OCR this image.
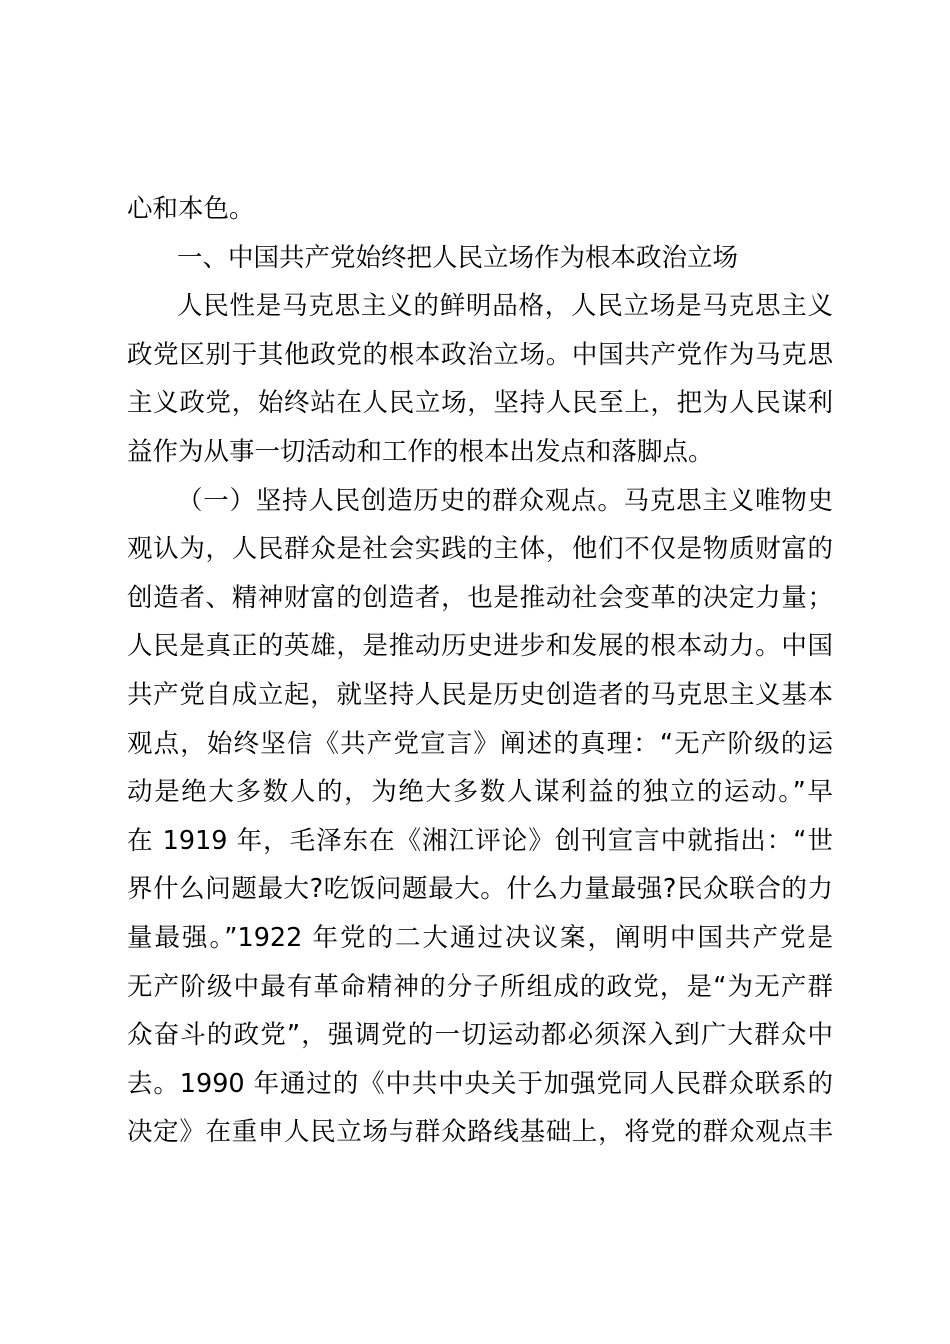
心和本色。
一、中国共产党始终把人民立场作为根本政治立场
人民性是马克思主义的鲜明品格，人民立场是马克思主义
政党区别于其他政党的根本政治立场。中国共产党作为马克思
主义政党，始终站在人民立场，坚持人民至上，把为人民谋利
益作为从事一切活动和工作的根本出发点和落脚点。
（一）坚持人民创造历史的群众观点。马克思主义唯物史
观认为，人民群众是社会实践的主体，他们不仅是物质财富的
创造者、精神财富的创造者，也是推动社会变革的决定力量；
人民是真正的英雄，是推动历史进步和发展的根本动力。中国
共产党自成立起，就坚持人民是历史创造者的马克思主义基本
观点，始终坚信《共产党宣言》阐述的真理：“无产阶级的运
动是绝大多数人的，为绝大多数人谋利益的独立的运动。”早
在 1919 年，毛泽东在《湘江评论》创刊宣言中就指出：“世
界什么问题最大?吃饭问题最大。什么力量最强?民众联合的力
量最强。”1922 年党的二大通过决议案，阐明中国共产党是
无产阶级中最有革命精神的分子所组成的政党，是“为无产群
众奋斗的政党”，强调党的一切运动都必须深入到广大群众中
去。1990 年通过的《中共中央关于加强党同人民群众联系的
决定》在重申人民立场与群众路线基础上，将党的群众观点丰
